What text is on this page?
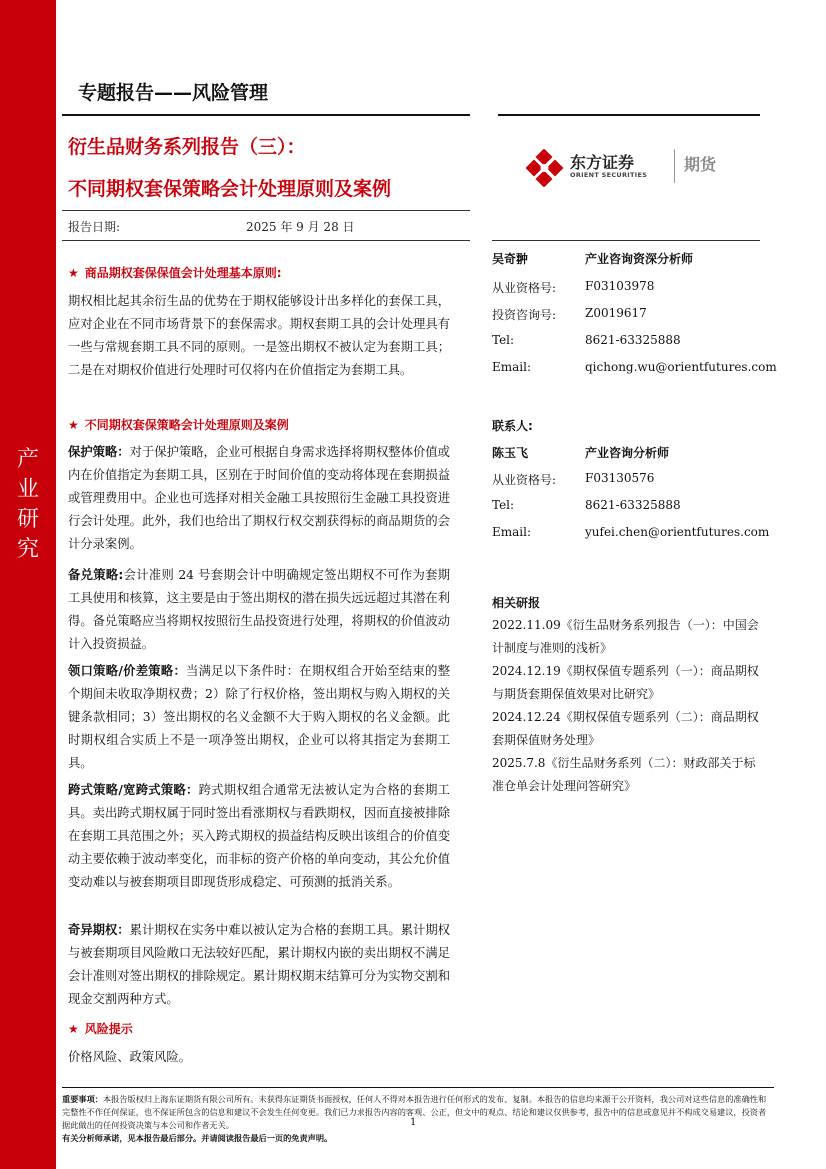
产
业
研
究
专题报告——风险管理
衍生品财务系列报告（三）：
不同期权套保策略会计处理原则及案例
报告日期:	2025 年 9 月 28 日
东方证券
ORIENT SECURITIES
期货
★ 商品期权套保保值会计处理基本原则:
期权相比起其余衍生品的优势在于期权能够设计出多样化的套保工具，应对企业在不同市场背景下的套保需求。期权套期工具的会计处理具有一些与常规套期工具不同的原则。一是签出期权不被认定为套期工具；二是在对期权价值进行处理时可仅将内在价值指定为套期工具。
★ 不同期权套保策略会计处理原则及案例
保护策略：对于保护策略，企业可根据自身需求选择将期权整体价值或内在价值指定为套期工具，区别在于时间价值的变动将体现在套期损益或管理费用中。企业也可选择对相关金融工具按照衍生金融工具投资进行会计处理。此外，我们也给出了期权行权交割获得标的商品期货的会计分录案例。
备兑策略:会计准则 24 号套期会计中明确规定签出期权不可作为套期工具使用和核算，这主要是由于签出期权的潜在损失远远超过其潜在利得。备兑策略应当将期权按照衍生品投资进行处理，将期权的价值波动计入投资损益。
领口策略/价差策略：当满足以下条件时：在期权组合开始至结束的整个期间未收取净期权费；2）除了行权价格，签出期权与购入期权的关键条款相同；3）签出期权的名义金额不大于购入期权的名义金额。此时期权组合实质上不是一项净签出期权，企业可以将其指定为套期工具。
跨式策略/宽跨式策略：跨式期权组合通常无法被认定为合格的套期工具。卖出跨式期权属于同时签出看涨期权与看跌期权，因而直接被排除在套期工具范围之外；买入跨式期权的损益结构反映出该组合的价值变动主要依赖于波动率变化，而非标的资产价格的单向变动，其公允价值变动难以与被套期项目即现货形成稳定、可预测的抵消关系。
奇异期权：累计期权在实务中难以被认定为合格的套期工具。累计期权与被套期项目风险敞口无法较好匹配，累计期权内嵌的卖出期权不满足会计准则对签出期权的排除规定。累计期权期末结算可分为实物交割和现金交割两种方式。
★ 风险提示
价格风险、政策风险。
吴奇翀	产业咨询资深分析师
从业资格号: F03103978
投资咨询号: Z0019617
Tel:	8621-63325888
Email:	qichong.wu@orientfutures.com
联系人:
陈玉飞	产业咨询分析师
从业资格号: F03130576
Tel:	8621-63325888
Email:	yufei.chen@orientfutures.com
相关研报
2022.11.09《衍生品财务系列报告（一）：中国会计制度与准则的浅析》
2024.12.19《期权保值专题系列（一）：商品期权与期货套期保值效果对比研究》
2024.12.24《期权保值专题系列（二）：商品期权套期保值财务处理》
2025.7.8《衍生品财务系列（二）：财政部关于标准仓单会计处理问答研究》
重要事项：本报告版权归上海东证期货有限公司所有。未获得东证期货书面授权，任何人不得对本报告进行任何形式的发布、复制。本报告的信息均来源于公开资料，我公司对这些信息的准确性和完整性不作任何保证，也不保证所包含的信息和建议不会发生任何变更。我们已力求报告内容的客观、公正，但文中的观点、结论和建议仅供参考，报告中的信息或意见并不构成交易建议，投资者据此做出的任何投资决策与本公司和作者无关。
有关分析师承诺，见本报告最后部分。并请阅读报告最后一页的免责声明。
1
